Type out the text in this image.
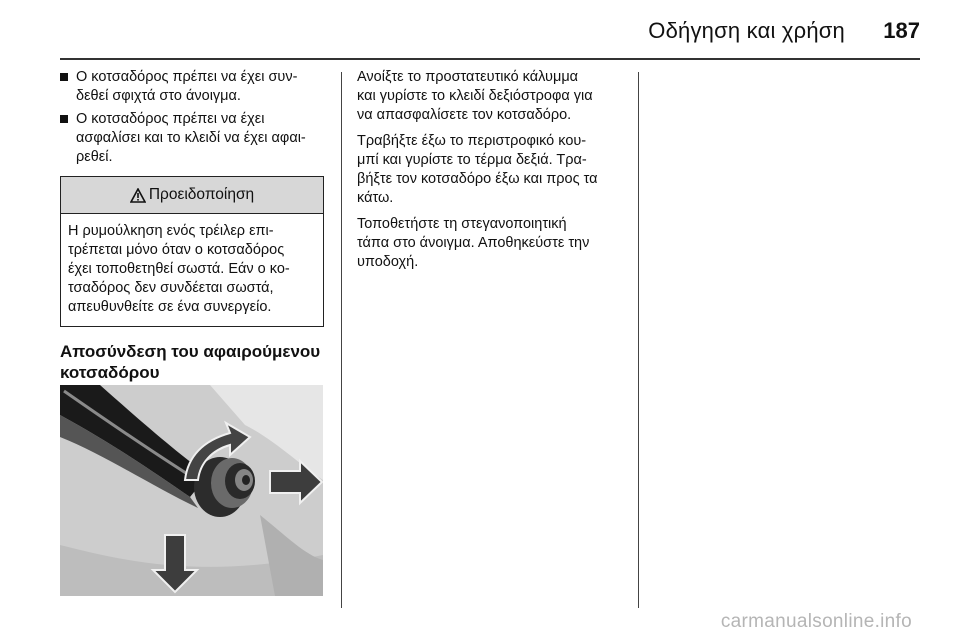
Οδήγηση και χρήση 187
Ο κοτσαδόρος πρέπει να έχει συν-
δεθεί σφιχτά στο άνοιγμα.
Ο κοτσαδόρος πρέπει να έχει
ασφαλίσει και το κλειδί να έχει αφαι-
ρεθεί.
Προειδοποίηση
Η ρυμούλκηση ενός τρέιλερ επι-
τρέπεται μόνο όταν ο κοτσαδόρος
έχει τοποθετηθεί σωστά. Εάν ο κο-
τσαδόρος δεν συνδέεται σωστά,
απευθυνθείτε σε ένα συνεργείο.
Αποσύνδεση του αφαιρούμενου
κοτσαδόρου

Ανοίξτε το προστατευτικό κάλυμμα
και γυρίστε το κλειδί δεξιόστροφα για
να απασφαλίσετε τον κοτσαδόρο.

Τραβήξτε έξω το περιστροφικό κου-
μπί και γυρίστε το τέρμα δεξιά. Τρα-
βήξτε τον κοτσαδόρο έξω και προς τα
κάτω.

Τοποθετήστε τη στεγανοποιητική
τάπα στο άνοιγμα. Αποθηκεύστε την
υποδοχή.

carmanualsonline.info
